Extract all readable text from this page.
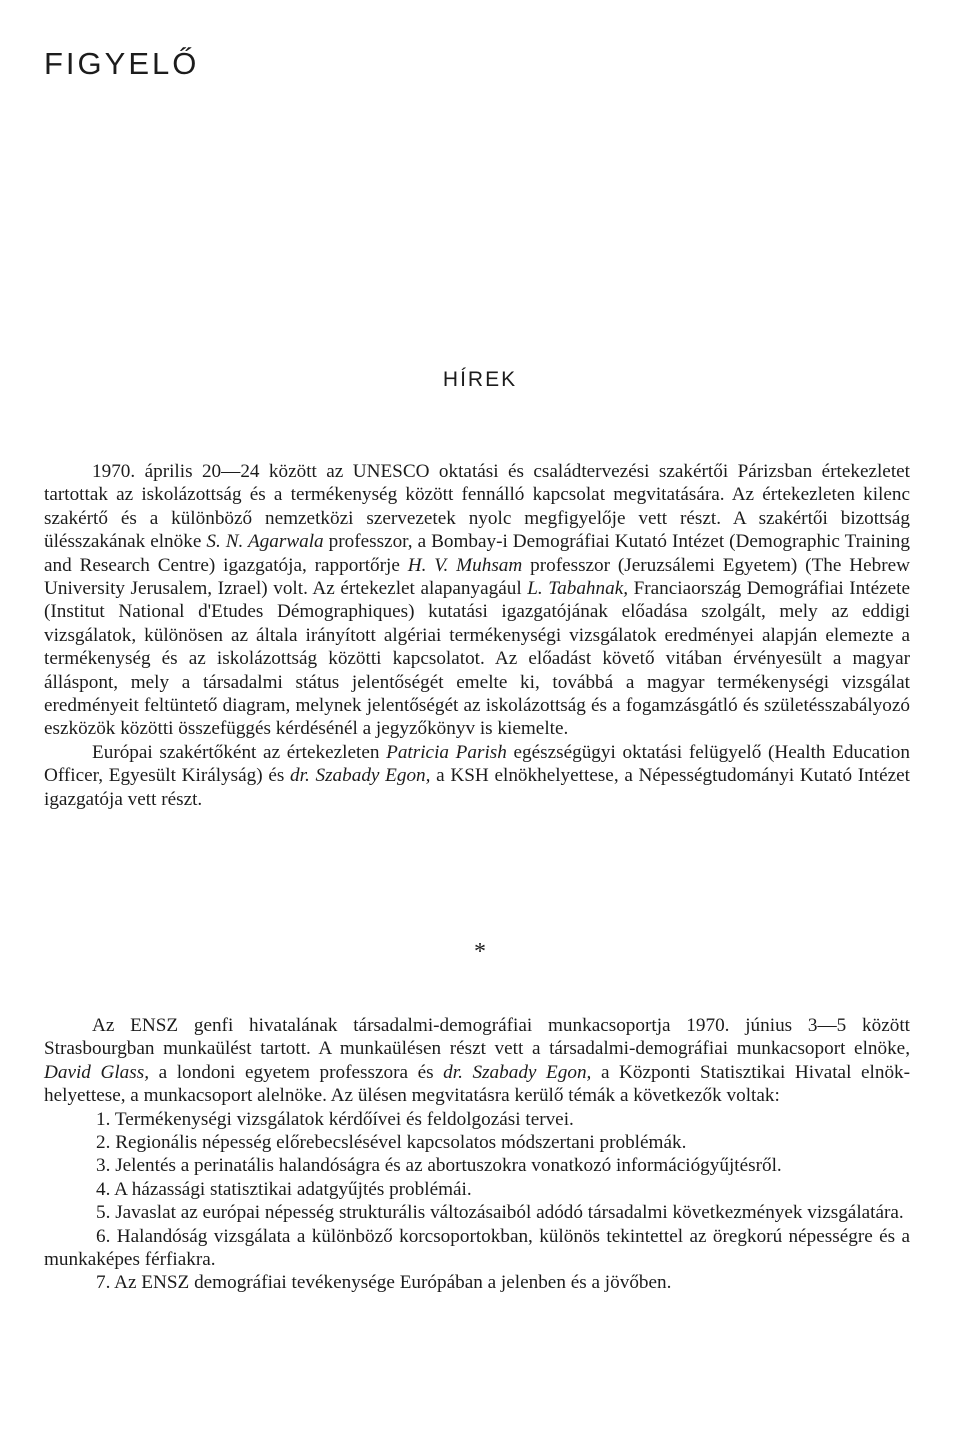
FIGYELŐ
HÍREK

1970. április 20—24 között az UNESCO oktatási és családtervezési szakértői Párizsban értekezletet tartottak az iskolázottság és a termékenység között fennálló kapcsolat megvitatására. Az értekezleten kilenc szakértő és a különböző nemzetközi szervezetek nyolc megfigyelője vett részt. A szakértői bizottság ülésszakának elnöke S. N. Agarwala professzor, a Bombay-i Demográfiai Kutató Intézet (Demographic Training and Research Centre) igazgatója, rapportőrje H. V. Muhsam professzor (Jeruzsálemi Egyetem) (The Hebrew University Jerusalem, Izrael) volt. Az értekezlet alapanyagául L. Tabahnak, Franciaország Demográfiai Intézete (Institut National d'Etudes Démographiques) kutatási igazgatójának előadása szolgált, mely az eddigi vizsgálatok, különösen az általa irányított algériai termékenységi vizsgálatok eredményei alapján elemezte a termékenység és az iskolázottság közötti kapcsolatot. Az előadást követő vitában érvényesült a magyar álláspont, mely a társadalmi státus jelentőségét emelte ki, továbbá a magyar termékenységi vizsgálat eredményeit feltüntető diagram, melynek jelentőségét az iskolázottság és a fogamzásgátló és születésszabályozó eszközök közötti összefüggés kérdésénél a jegyzőkönyv is kiemelte.

Európai szakértőként az értekezleten Patricia Parish egészségügyi oktatási felügyelő (Health Education Officer, Egyesült Királyság) és dr. Szabady Egon, a KSH elnökhelyettese, a Népességtudományi Kutató Intézet igazgatója vett részt.

*

Az ENSZ genfi hivatalának társadalmi-demográfiai munkacsoportja 1970. június 3—5 között Strasbourgban munkaülést tartott. A munkaülésen részt vett a társadalmi-demográfiai munkacsoport elnöke, David Glass, a londoni egyetem professzora és dr. Szabady Egon, a Központi Statisztikai Hivatal elnökhelyettese, a munkacsoport alelnöke. Az ülésen megvitatásra kerülő témák a következők voltak:

1. Termékenységi vizsgálatok kérdőívei és feldolgozási tervei.

2. Regionális népesség előrebecslésével kapcsolatos módszertani problémák.

3. Jelentés a perinatális halandóságra és az abortuszokra vonatkozó információgyűjtésről.

4. A házassági statisztikai adatgyűjtés problémái.

5. Javaslat az európai népesség strukturális változásaiból adódó társadalmi következmények vizsgálatára.

6. Halandóság vizsgálata a különböző korcsoportokban, különös tekintettel az öregkorú népességre és a munkaképes férfiakra.

7. Az ENSZ demográfiai tevékenysége Európában a jelenben és a jövőben.
